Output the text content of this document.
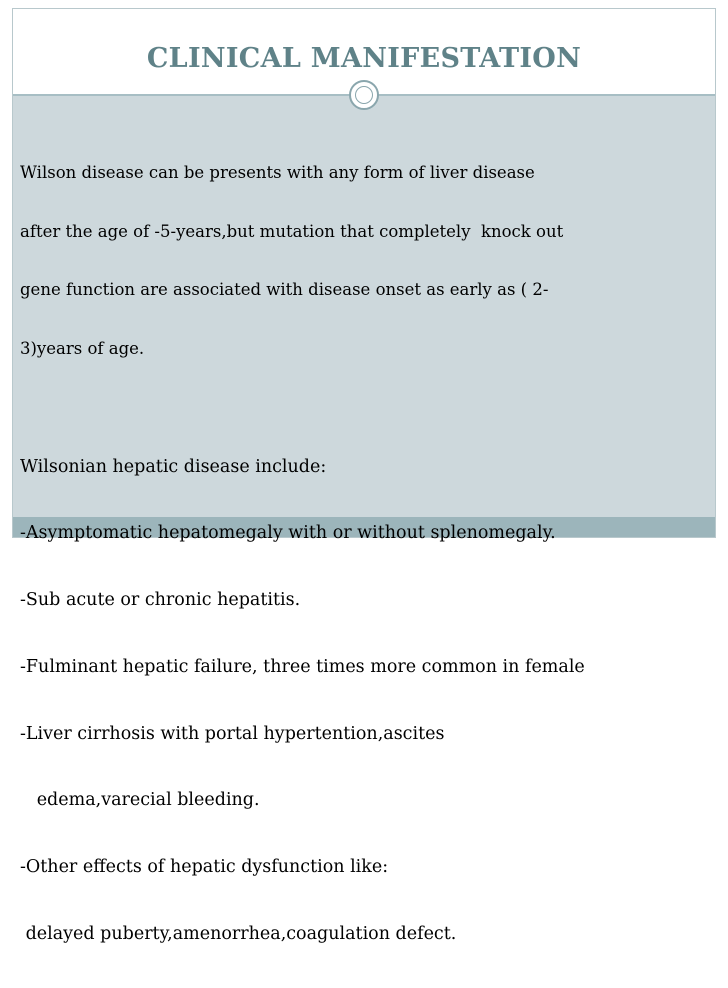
CLINICAL MANIFESTATION

Wilson disease can be presents with any form of liver disease

after the age of -5-years,but mutation that completely  knock out

gene function are associated with disease onset as early as ( 2-

3)years of age.

Wilsonian hepatic disease include:

-Asymptomatic hepatomegaly with or without splenomegaly.

-Sub acute or chronic hepatitis.

-Fulminant hepatic failure, three times more common in female

-Liver cirrhosis with portal hypertention,ascites

edema,varecial bleeding.

-Other effects of hepatic dysfunction like:

delayed puberty,amenorrhea,coagulation defect.
